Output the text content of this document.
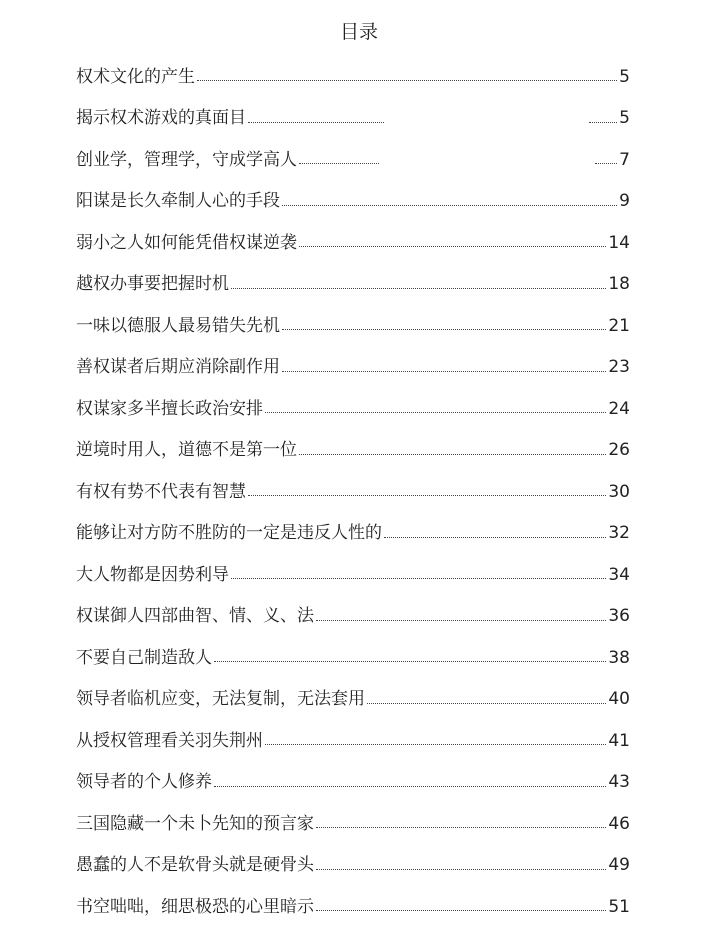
目录
权术文化的产生	5
揭示权术游戏的真面目	5
创业学，管理学，守成学高人	7
阳谋是长久牵制人心的手段	9
弱小之人如何能凭借权谋逆袭	14
越权办事要把握时机	18
一味以德服人最易错失先机	21
善权谋者后期应消除副作用	23
权谋家多半擅长政治安排	24
逆境时用人，道德不是第一位	26
有权有势不代表有智慧	30
能够让对方防不胜防的一定是违反人性的	32
大人物都是因势利导	34
权谋御人四部曲智、情、义、法	36
不要自己制造敌人	38
领导者临机应变，无法复制，无法套用	40
从授权管理看关羽失荆州	41
领导者的个人修养	43
三国隐藏一个未卜先知的预言家	46
愚蠢的人不是软骨头就是硬骨头	49
书空咄咄，细思极恐的心里暗示	51
